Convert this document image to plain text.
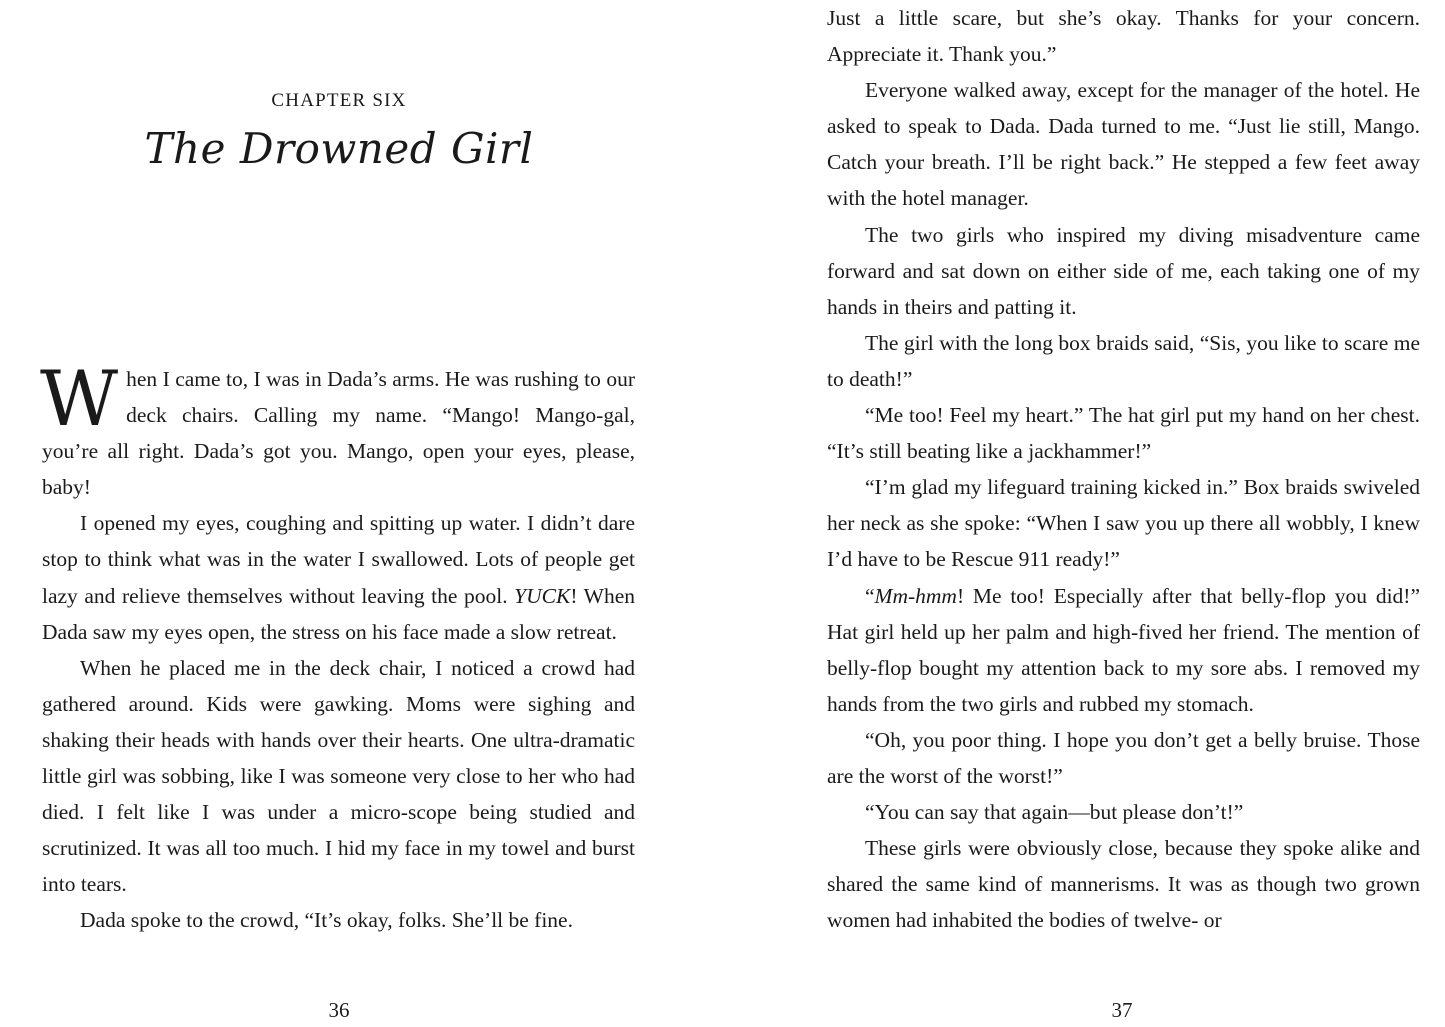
CHAPTER SIX
The Drowned Girl

When I came to, I was in Dada’s arms. He was rushing to our deck chairs. Calling my name. “Mango! Mango-gal, you’re all right. Dada’s got you. Mango, open your eyes, please, baby!

I opened my eyes, coughing and spitting up water. I didn’t dare stop to think what was in the water I swallowed. Lots of people get lazy and relieve themselves without leaving the pool. YUCK! When Dada saw my eyes open, the stress on his face made a slow retreat.

When he placed me in the deck chair, I noticed a crowd had gathered around. Kids were gawking. Moms were sighing and shaking their heads with hands over their hearts. One ultra-dramatic little girl was sobbing, like I was someone very close to her who had died. I felt like I was under a micro-scope being studied and scrutinized. It was all too much. I hid my face in my towel and burst into tears.

Dada spoke to the crowd, “It’s okay, folks. She’ll be fine.

36

Just a little scare, but she’s okay. Thanks for your concern. Appreciate it. Thank you.”

Everyone walked away, except for the manager of the hotel. He asked to speak to Dada. Dada turned to me. “Just lie still, Mango. Catch your breath. I’ll be right back.” He stepped a few feet away with the hotel manager.

The two girls who inspired my diving misadventure came forward and sat down on either side of me, each taking one of my hands in theirs and patting it.

The girl with the long box braids said, “Sis, you like to scare me to death!”

“Me too! Feel my heart.” The hat girl put my hand on her chest. “It’s still beating like a jackhammer!”

“I’m glad my lifeguard training kicked in.” Box braids swiveled her neck as she spoke: “When I saw you up there all wobbly, I knew I’d have to be Rescue 911 ready!”

“Mm-hmm! Me too! Especially after that belly-flop you did!” Hat girl held up her palm and high-fived her friend. The mention of belly-flop bought my attention back to my sore abs. I removed my hands from the two girls and rubbed my stomach.

“Oh, you poor thing. I hope you don’t get a belly bruise. Those are the worst of the worst!”

“You can say that again—but please don’t!”

These girls were obviously close, because they spoke alike and shared the same kind of mannerisms. It was as though two grown women had inhabited the bodies of twelve- or

37
